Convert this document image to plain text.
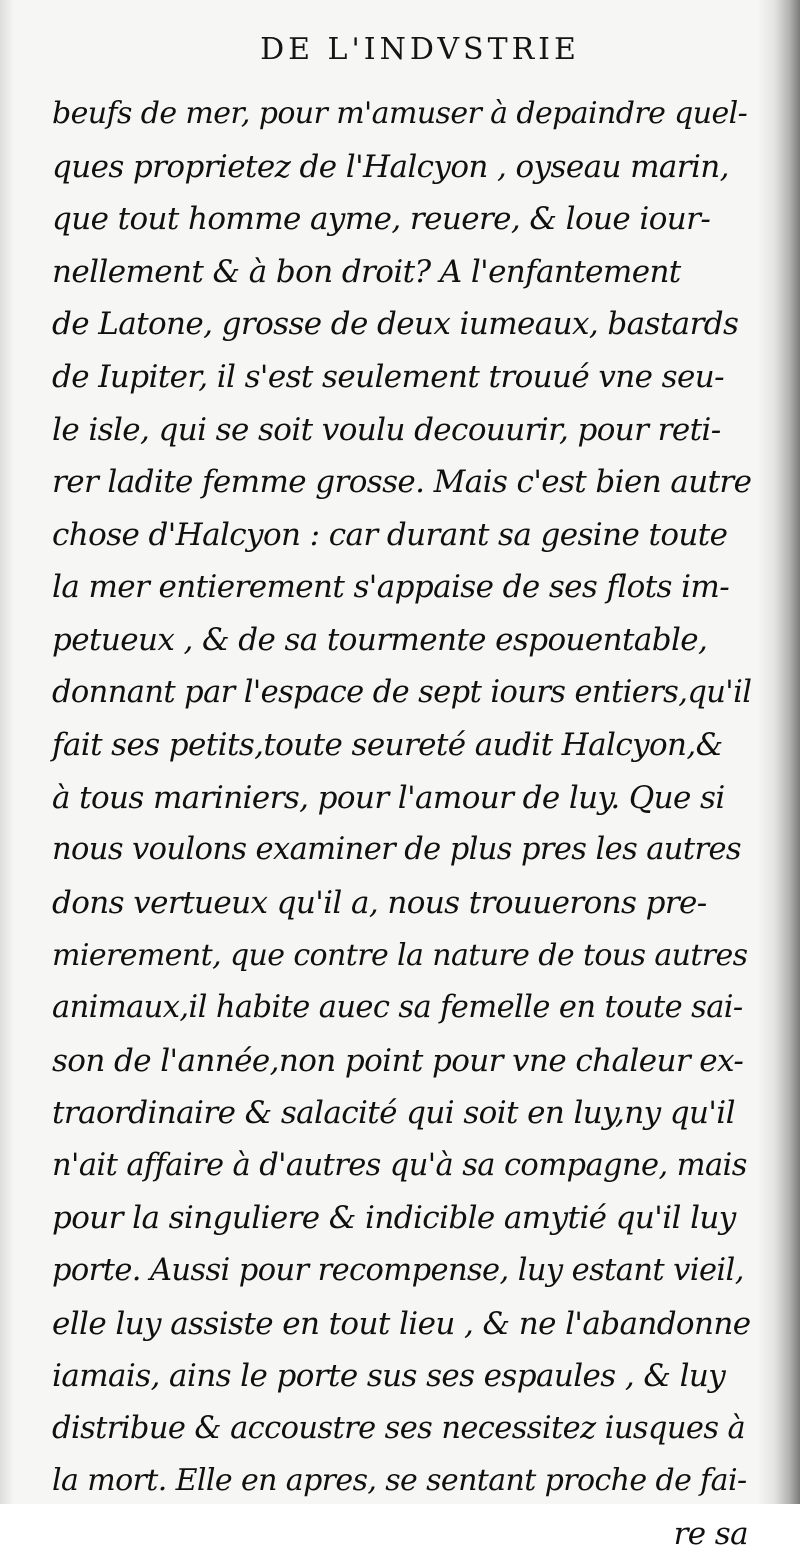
DE L'INDVSTRIE
beufs de mer, pour m'amuser à depaindre quel-
ques proprietez de l'Halcyon , oyseau marin,
que tout homme ayme, reuere, & loue iour-
nellement & à bon droit? A l'enfantement
de Latone, grosse de deux iumeaux, bastards
de Iupiter, il s'est seulement trouué vne seu-
le isle, qui se soit voulu decouurir, pour reti-
rer ladite femme grosse. Mais c'est bien autre
chose d'Halcyon : car durant sa gesine toute
la mer entierement s'appaise de ses flots im-
petueux , & de sa tourmente espouentable,
donnant par l'espace de sept iours entiers,qu'il
fait ses petits,toute seureté audit Halcyon,&
à tous mariniers, pour l'amour de luy. Que si
nous voulons examiner de plus pres les autres
dons vertueux qu'il a, nous trouuerons pre-
mierement, que contre la nature de tous autres
animaux,il habite auec sa femelle en toute sai-
son de l'année,non point pour vne chaleur ex-
traordinaire & salacité qui soit en luy,ny qu'il
n'ait affaire à d'autres qu'à sa compagne, mais
pour la singuliere & indicible amytié qu'il luy
porte. Aussi pour recompense, luy estant vieil,
elle luy assiste en tout lieu , & ne l'abandonne
iamais, ains le porte sus ses espaules , & luy
distribue & accoustre ses necessitez iusques à
la mort. Elle en apres, se sentant proche de fai-
re sa
